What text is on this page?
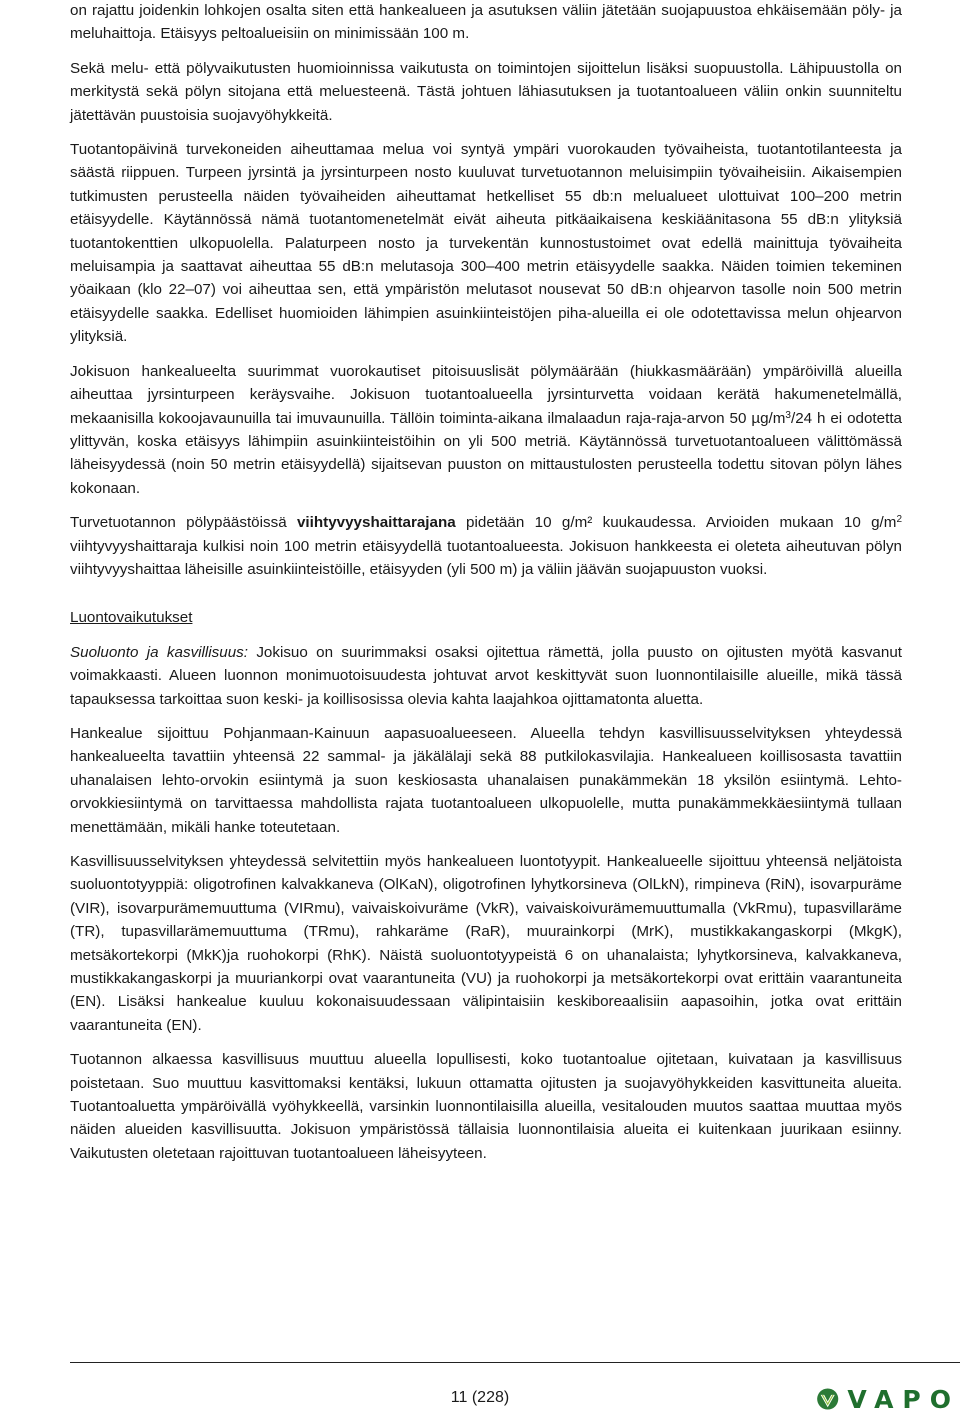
on rajattu joidenkin lohkojen osalta siten että hankealueen ja asutuksen väliin jätetään suojapuustoa ehkäisemään pöly- ja meluhaittoja. Etäisyys peltoalueisiin on minimissään 100 m.

Sekä melu- että pölyvaikutusten huomioinnissa vaikutusta on toimintojen sijoittelun lisäksi suopuustolla. Lähipuustolla on merkitystä sekä pölyn sitojana että meluesteenä. Tästä johtuen lähiasutuksen ja tuotantoalueen väliin onkin suunniteltu jätettävän puustoisia suojavyöhykkeitä.

Tuotantopäivinä turvekoneiden aiheuttamaa melua voi syntyä ympäri vuorokauden työvaiheista, tuotantotilanteesta ja säästä riippuen. Turpeen jyrsintä ja jyrsinturpeen nosto kuuluvat turvetuotannon meluisimpiin työvaiheisiin. Aikaisempien tutkimusten perusteella näiden työvaiheiden aiheuttamat hetkelliset 55 db:n melualueet ulottuivat 100–200 metrin etäisyydelle. Käytännössä nämä tuotantomenetelmät eivät aiheuta pitkäaikaisena keskiäänitasona 55 dB:n ylityksiä tuotantokenttien ulkopuolella. Palaturpeen nosto ja turvekentän kunnostustoimet ovat edellä mainittuja työvaiheita meluisampia ja saattavat aiheuttaa 55 dB:n melutasoja 300–400 metrin etäisyydelle saakka. Näiden toimien tekeminen yöaikaan (klo 22–07) voi aiheuttaa sen, että ympäristön melutasot nousevat 50 dB:n ohjearvon tasolle noin 500 metrin etäisyydelle saakka. Edelliset huomioiden lähimpien asuinkiinteistöjen piha-alueilla ei ole odotettavissa melun ohjearvon ylityksiä.

Jokisuon hankealueelta suurimmat vuorokautiset pitoisuuslisät pölymäärään (hiukkasmäärään) ympäröivillä alueilla aiheuttaa jyrsinturpeen keräysvaihe. Jokisuon tuotantoalueella jyrsinturvetta voidaan kerätä hakumenetelmällä, mekaanisilla kokoojavaunuilla tai imuvaunuilla. Tällöin toiminta-aikana ilmalaadun raja-raja-arvon 50 $\mu g/m^3/24$ h ei odotetta ylittyvän, koska etäisyys lähimpiin asuinkiinteistöihin on yli 500 metriä. Käytännössä turvetuotantoalueen välittömässä läheisyydessä (noin 50 metrin etäisyydellä) sijaitsevan puuston on mittaustulosten perusteella todettu sitovan pölyn lähes kokonaan.

Turvetuotannon pölypäästöissä viihtyvyyshaittarajana pidetään 10 g/m² kuukaudessa. Arvioiden mukaan 10 $g/m^2$ viihtyvyyshaittaraja kulkisi noin 100 metrin etäisyydellä tuotantoalueesta. Jokisuon hankkeesta ei oleteta aiheutuvan pölyn viihtyvyyshaittaa läheisille asuinkiinteistöille, etäisyyden (yli 500 m) ja väliin jäävän suojapuuston vuoksi.

Luontovaikutukset

Suoluonto ja kasvillisuus: Jokisuo on suurimmaksi osaksi ojitettua rämettä, jolla puusto on ojitusten myötä kasvanut voimakkaasti. Alueen luonnon monimuotoisuudesta johtuvat arvot keskittyvät suon luonnontilaisille alueille, mikä tässä tapauksessa tarkoittaa suon keski- ja koillisosissa olevia kahta laajahkoa ojittamatonta aluetta.

Hankealue sijoittuu Pohjanmaan-Kainuun aapasuoalueeseen. Alueella tehdyn kasvillisuusselvityksen yhteydessä hankealueelta tavattiin yhteensä 22 sammal- ja jäkälälaji sekä 88 putkilokasvilajia. Hankealueen koillisosasta tavattiin uhanalaisen lehto-orvokin esiintymä ja suon keskiosasta uhanalaisen punakämmekän 18 yksilön esiintymä. Lehto-orvokkiesiintymä on tarvittaessa mahdollista rajata tuotantoalueen ulkopuolelle, mutta punakämmekkäesiintymä tullaan menettämään, mikäli hanke toteutetaan.

Kasvillisuusselvityksen yhteydessä selvitettiin myös hankealueen luontotyypit. Hankealueelle sijoittuu yhteensä neljätoista suoluontotyyppiä: oligotrofinen kalvakkaneva (OlKaN), oligotrofinen lyhytkorsineva (OlLkN), rimpineva (RiN), isovarpuräme (VIR), isovarpurämemuuttuma (VIRmu), vaivaiskoivuräme (VkR), vaivaiskoivurämemuuttumalla (VkRmu), tupasvillaräme (TR), tupasvillarämemuuttuma (TRmu), rahkaräme (RaR), muurainkorpi (MrK), mustikkakangaskorpi (MkgK), metsäkortekorpi (MkK)ja ruohokorpi (RhK). Näistä suoluontotyypeistä 6 on uhanalaista; lyhytkorsineva, kalvakkaneva, mustikkakangaskorpi ja muuriankorpi ovat vaarantuneita (VU) ja ruohokorpi ja metsäkortekorpi ovat erittäin vaarantuneita (EN). Lisäksi hankealue kuuluu kokonaisuudessaan välipintaisiin keskiboreaalisiin aapasoihin, jotka ovat erittäin vaarantuneita (EN).

Tuotannon alkaessa kasvillisuus muuttuu alueella lopullisesti, koko tuotantoalue ojitetaan, kuivataan ja kasvillisuus poistetaan. Suo muuttuu kasvittomaksi kentäksi, lukuun ottamatta ojitusten ja suojavyöhykkeiden kasvittuneita alueita. Tuotantoaluetta ympäröivällä vyöhykkeellä, varsinkin luonnontilaisilla alueilla, vesitalouden muutos saattaa muuttaa myös näiden alueiden kasvillisuutta. Jokisuon ympäristössä tällaisia luonnontilaisia alueita ei kuitenkaan juurikaan esiinny. Vaikutusten oletetaan rajoittuvan tuotantoalueen läheisyyteen.

11 (228)	VAPO
